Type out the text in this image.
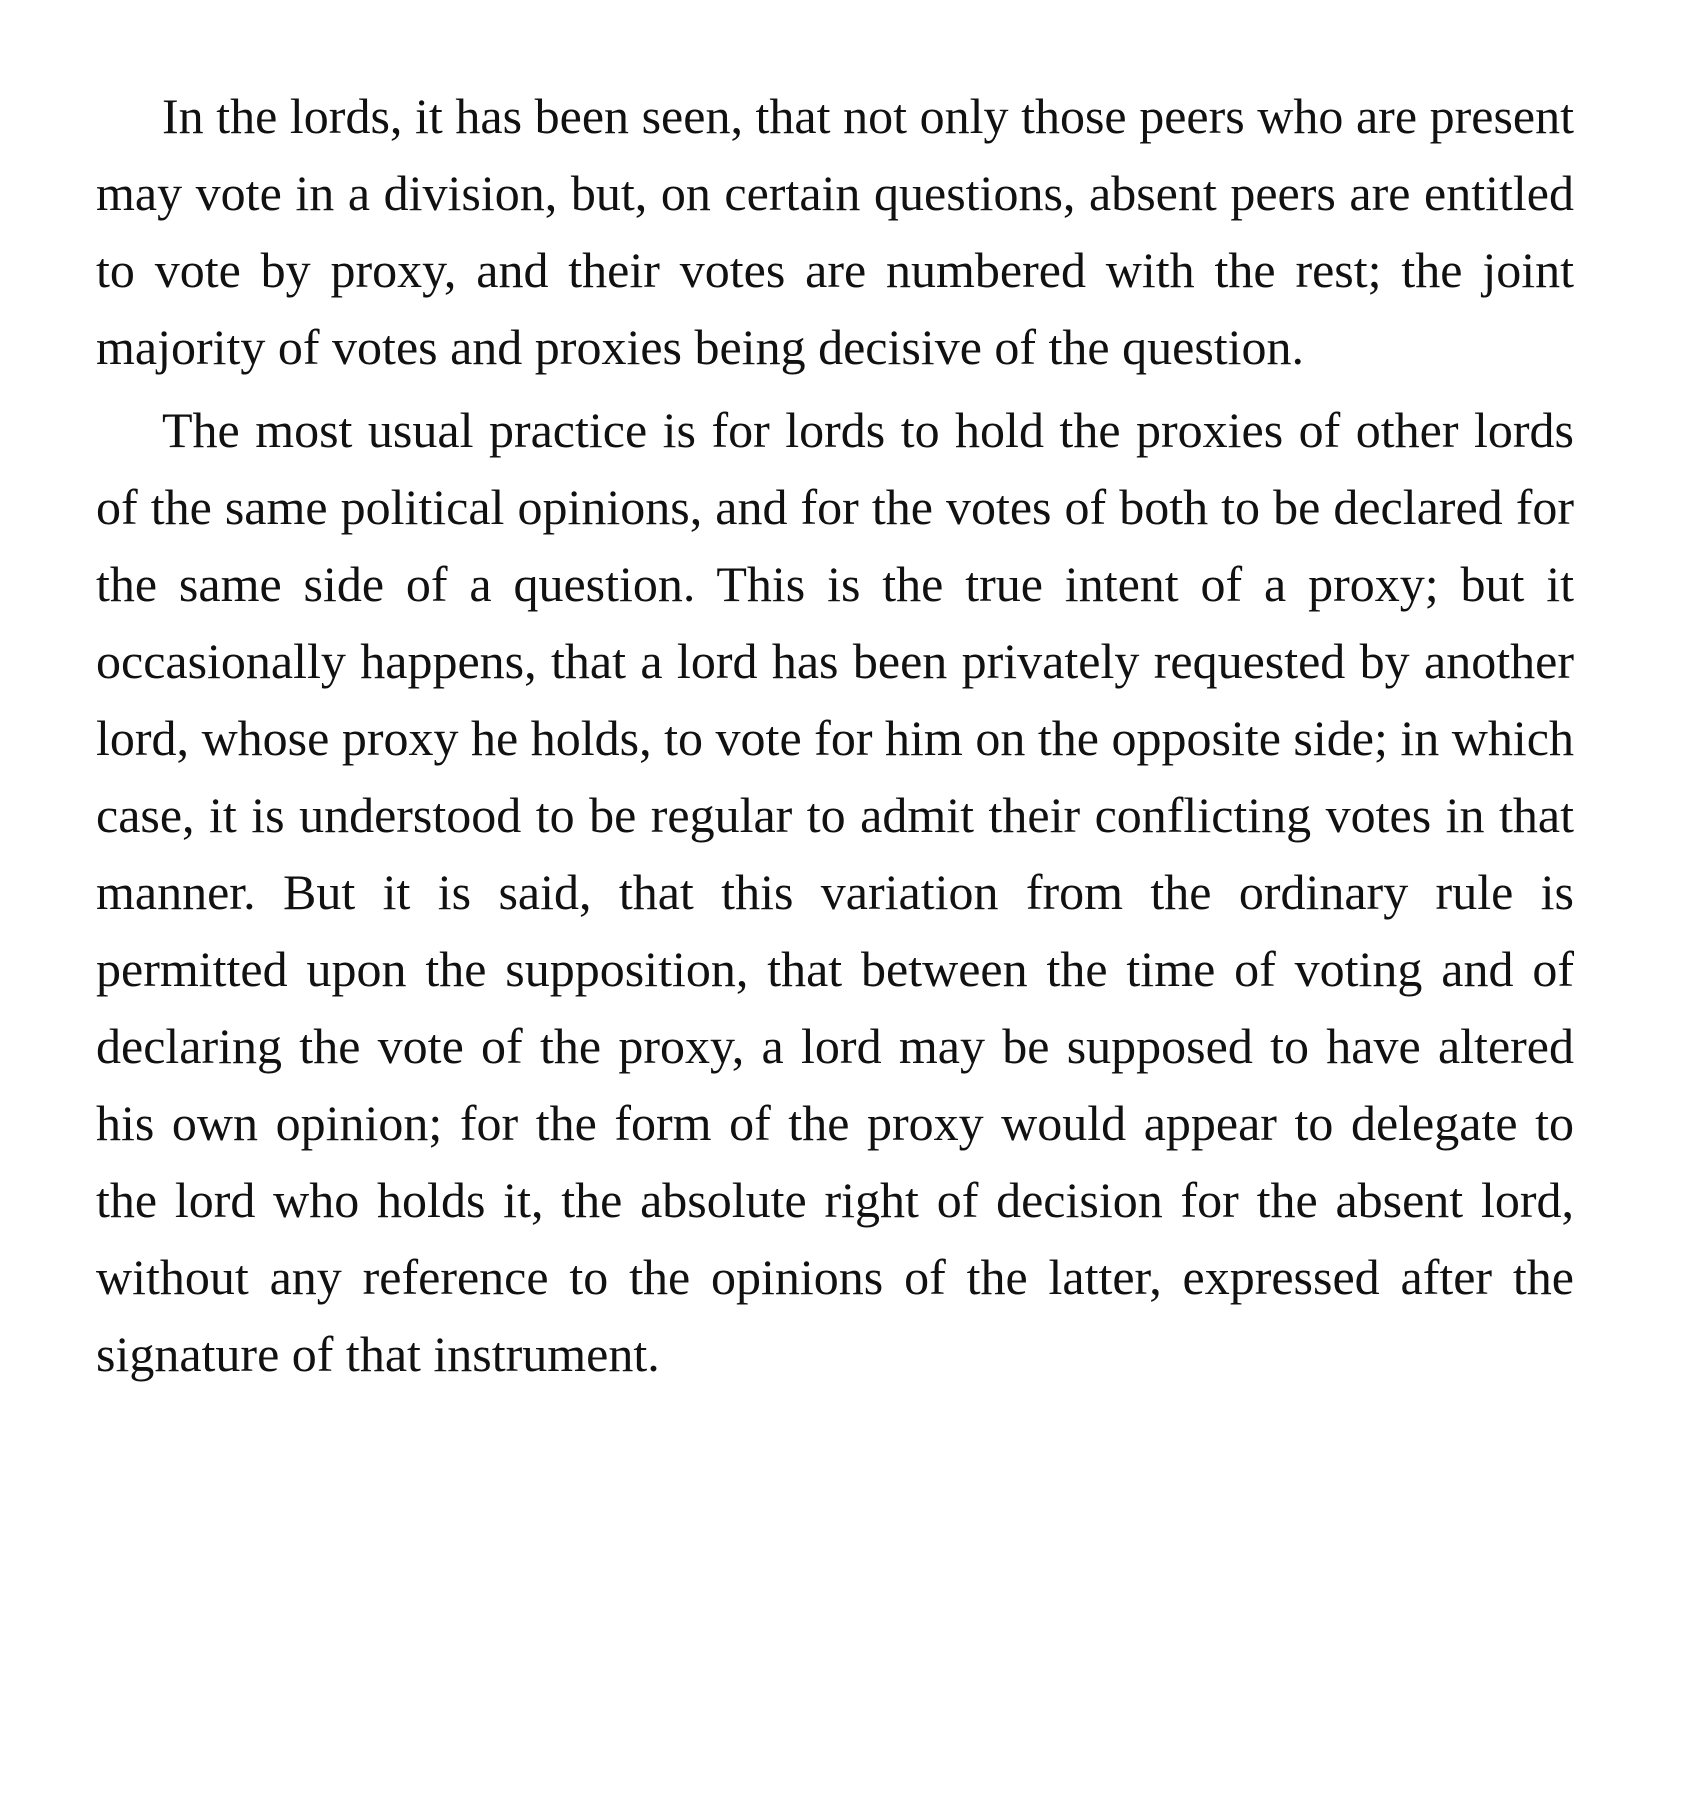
In the lords, it has been seen, that not only those peers who are present may vote in a division, but, on certain questions, absent peers are entitled to vote by proxy, and their votes are numbered with the rest; the joint majority of votes and proxies being decisive of the question.

The most usual practice is for lords to hold the proxies of other lords of the same political opinions, and for the votes of both to be declared for the same side of a question. This is the true intent of a proxy; but it occasionally happens, that a lord has been privately requested by another lord, whose proxy he holds, to vote for him on the opposite side; in which case, it is understood to be regular to admit their conflicting votes in that manner. But it is said, that this variation from the ordinary rule is permitted upon the supposition, that between the time of voting and of declaring the vote of the proxy, a lord may be supposed to have altered his own opinion; for the form of the proxy would appear to delegate to the lord who holds it, the absolute right of decision for the absent lord, without any reference to the opinions of the latter, expressed after the signature of that instrument.
